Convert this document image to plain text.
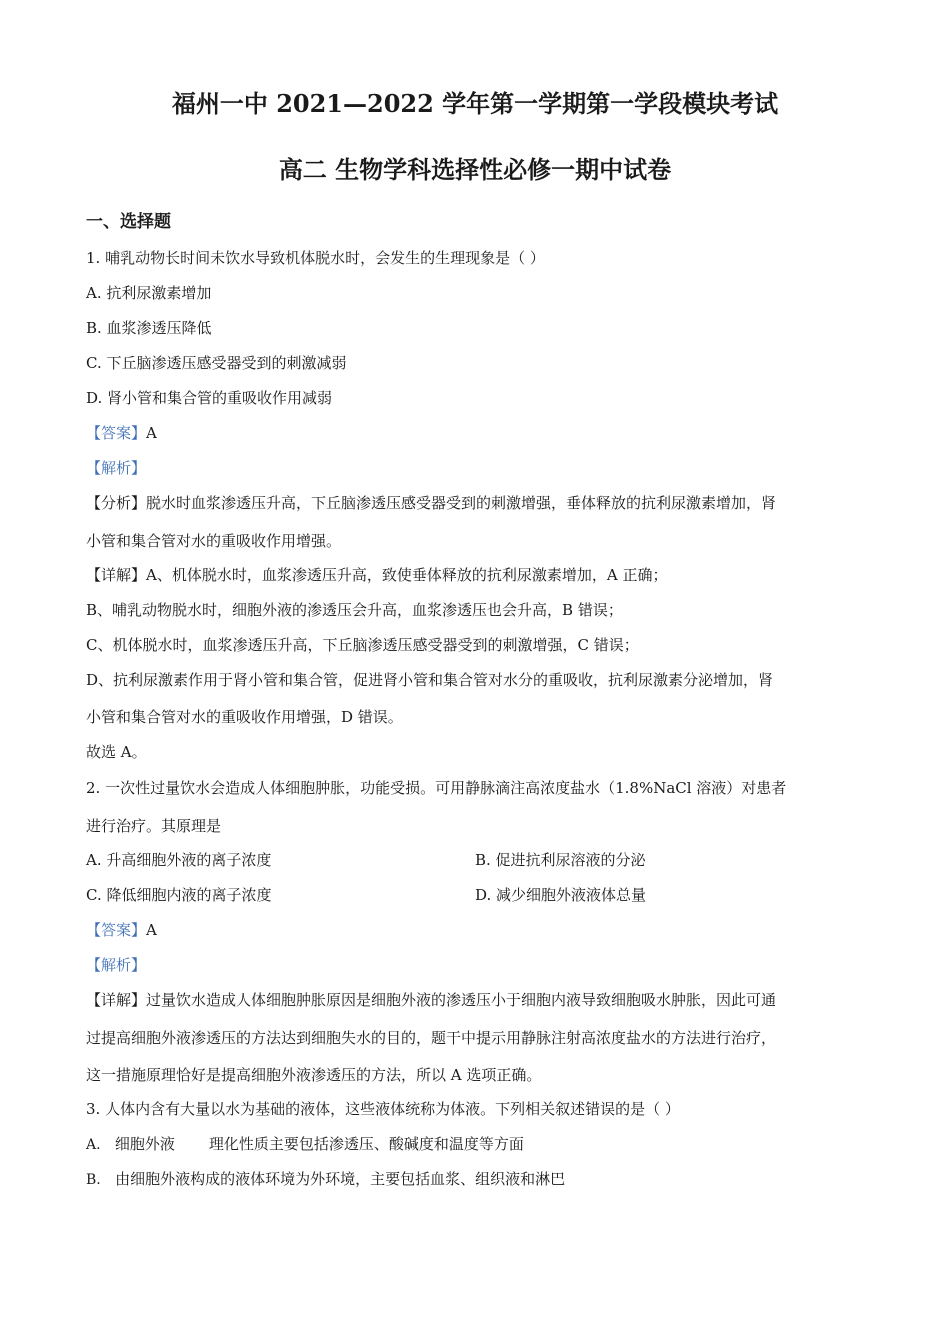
福州一中 2021—2022 学年第一学期第一学段模块考试
高二 生物学科选择性必修一期中试卷
一、选择题
1. 哺乳动物长时间未饮水导致机体脱水时，会发生的生理现象是（ ）
A. 抗利尿激素增加
B. 血浆渗透压降低
C. 下丘脑渗透压感受器受到的刺激减弱
D. 肾小管和集合管的重吸收作用减弱
【答案】A
【解析】
【分析】脱水时血浆渗透压升高，下丘脑渗透压感受器受到的刺激增强，垂体释放的抗利尿激素增加，肾
小管和集合管对水的重吸收作用增强。
【详解】A、机体脱水时，血浆渗透压升高，致使垂体释放的抗利尿激素增加，A 正确；
B、哺乳动物脱水时，细胞外液的渗透压会升高，血浆渗透压也会升高，B 错误；
C、机体脱水时，血浆渗透压升高，下丘脑渗透压感受器受到的刺激增强，C 错误；
D、抗利尿激素作用于肾小管和集合管，促进肾小管和集合管对水分的重吸收，抗利尿激素分泌增加，肾
小管和集合管对水的重吸收作用增强，D 错误。
故选 A。
2. 一次性过量饮水会造成人体细胞肿胀，功能受损。可用静脉滴注高浓度盐水（1.8%NaCl 溶液）对患者
进行治疗。其原理是
A. 升高细胞外液的离子浓度	B. 促进抗利尿溶液的分泌
C. 降低细胞内液的离子浓度	D. 减少细胞外液液体总量
【答案】A
【解析】
【详解】过量饮水造成人体细胞肿胀原因是细胞外液的渗透压小于细胞内液导致细胞吸水肿胀，因此可通
过提高细胞外液渗透压的方法达到细胞失水的目的，题干中提示用静脉注射高浓度盐水的方法进行治疗，
这一措施原理恰好是提高细胞外液渗透压的方法，所以 A 选项正确。
3. 人体内含有大量以水为基础的液体，这些液体统称为体液。下列相关叙述错误的是（ ）
A. 细胞外液 理化性质主要包括渗透压、酸碱度和温度等方面
B. 由细胞外液构成的液体环境为外环境，主要包括血浆、组织液和淋巴
